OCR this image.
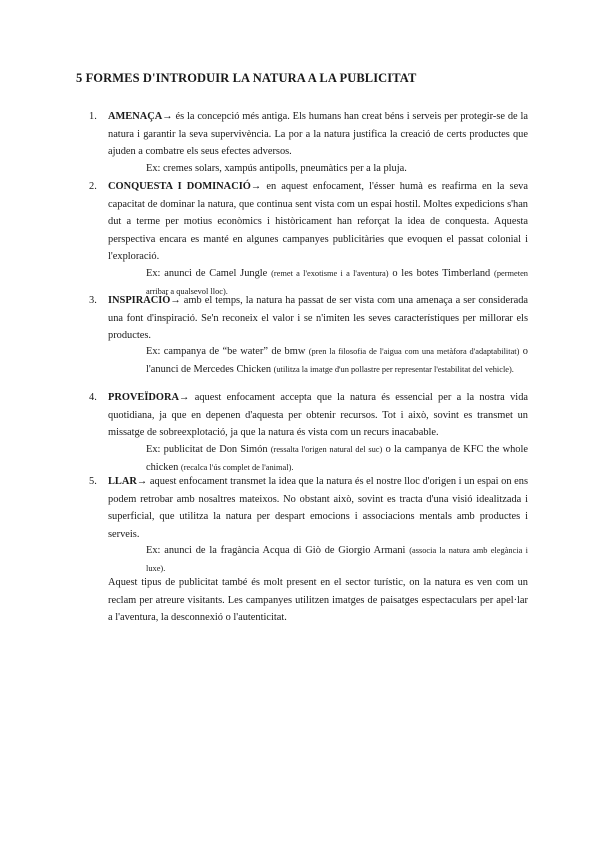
5 FORMES D'INTRODUIR LA NATURA A LA PUBLICITAT
1. AMENAÇA→ és la concepció més antiga. Els humans han creat béns i serveis per protegir-se de la natura i garantir la seva supervivència. La por a la natura justifica la creació de certs productes que ajuden a combatre els seus efectes adversos.
Ex: cremes solars, xampús antipolls, pneumàtics per a la pluja.
2. CONQUESTA I DOMINACIÓ→ en aquest enfocament, l'ésser humà es reafirma en la seva capacitat de dominar la natura, que continua sent vista com un espai hostil. Moltes expedicions s'han dut a terme per motius econòmics i històricament han reforçat la idea de conquesta. Aquesta perspectiva encara es manté en algunes campanyes publicitàries que evoquen el passat colonial i l'exploració.
Ex: anunci de Camel Jungle (remet a l'exotisme i a l'aventura) o les botes Timberland (permeten arribar a qualsevol lloc).
3. INSPIRACIÓ→ amb el temps, la natura ha passat de ser vista com una amenaça a ser considerada una font d'inspiració. Se'n reconeix el valor i se n'imiten les seves característiques per millorar els productes.
Ex: campanya de “be water” de bmw (pren la filosofia de l'aigua com una metàfora d'adaptabilitat) o l'anunci de Mercedes Chicken (utilitza la imatge d'un pollastre per representar l'estabilitat del vehicle).
4. PROVEÏDORA→ aquest enfocament accepta que la natura és essencial per a la nostra vida quotidiana, ja que en depenen d'aquesta per obtenir recursos. Tot i això, sovint es transmet un missatge de sobreexplotació, ja que la natura és vista com un recurs inacabable.
Ex: publicitat de Don Simón (ressalta l'origen natural del suc) o la campanya de KFC the whole chicken (recalca l'ús complet de l'animal).
5. LLAR→ aquest enfocament transmet la idea que la natura és el nostre lloc d'origen i un espai on ens podem retrobar amb nosaltres mateixos. No obstant això, sovint es tracta d'una visió idealitzada i superficial, que utilitza la natura per despart emocions i associacions mentals amb productes i serveis.
Ex: anunci de la fragància Acqua di Giò de Giorgio Armani (associa la natura amb elegància i luxe).
Aquest tipus de publicitat també és molt present en el sector turístic, on la natura es ven com un reclam per atreure visitants. Les campanyes utilitzen imatges de paisatges espectaculars per apel·lar a l'aventura, la desconnexió o l'autenticitat.
